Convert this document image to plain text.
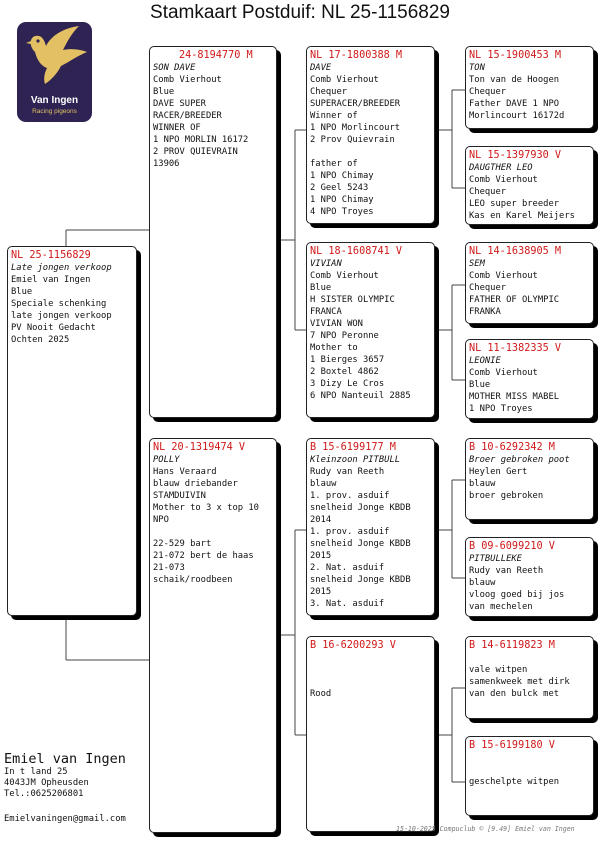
Stamkaart Postduif: NL 25-1156829
Van Ingen
Racing pigeons
NL 25-1156829
Late jongen verkoop
Emiel van Ingen
Blue
Speciale schenking
late jongen verkoop
PV Nooit Gedacht
Ochten 2025
24-8194770 M
SON DAVE
Comb Vierhout
Blue
DAVE SUPER
RACER/BREEDER
WINNER OF
1 NPO MORLIN 16172
2 PROV QUIEVRAIN
13906
NL 20-1319474 V
POLLY
Hans Veraard
blauw driebander
STAMDUIVIN
Mother to 3 x top 10
NPO
22-529 bart
21-072 bert de haas
21-073
schaik/roodbeen
NL 17-1800388 M
DAVE
Comb Vierhout
Chequer
SUPERACER/BREEDER
Winner of
1 NPO Morlincourt
2 Prov Quievrain
father of
1 NPO Chimay
2 Geel 5243
1 NPO Chimay
4 NPO Troyes
NL 18-1608741 V
VIVIAN
Comb Vierhout
Blue
H SISTER OLYMPIC
FRANCA
VIVIAN WON
7 NPO Peronne
Mother to
1 Bierges 3657
2 Boxtel 4862
3 Dizy Le Cros
6 NPO Nanteuil 2885
B 15-6199177 M
Kleinzoon PITBULL
Rudy van Reeth
blauw
1. prov. asduif
snelheid Jonge KBDB
2014
1. prov. asduif
snelheid Jonge KBDB
2015
2. Nat. asduif
snelheid Jonge KBDB
2015
3. Nat. asduif
B 16-6200293 V
Rood
NL 15-1900453 M
TON
Ton van de Hoogen
Chequer
Father DAVE 1 NPO
Morlincourt 16172d
NL 15-1397930 V
DAUGTHER LEO
Comb Vierhout
Chequer
LEO super breeder
Kas en Karel Meijers
NL 14-1638905 M
SEM
Comb Vierhout
Chequer
FATHER OF OLYMPIC
FRANKA
NL 11-1382335 V
LEONIE
Comb Vierhout
Blue
MOTHER MISS MABEL
1 NPO Troyes
B 10-6292342 M
Broer gebroken poot
Heylen Gert
blauw
broer gebroken
B 09-6099210 V
PITBULLEKE
Rudy van Reeth
blauw
vloog goed bij jos
van mechelen
B 14-6119823 M
vale witpen
samenkweek met dirk
van den bulck met
B 15-6199180 V
geschelpte witpen
Emiel van Ingen
In t land 25
4043JM Opheusden
Tel.:0625206801
Emielvaningen@gmail.com
15-10-2025 Compuclub © [9.49] Emiel van Ingen
